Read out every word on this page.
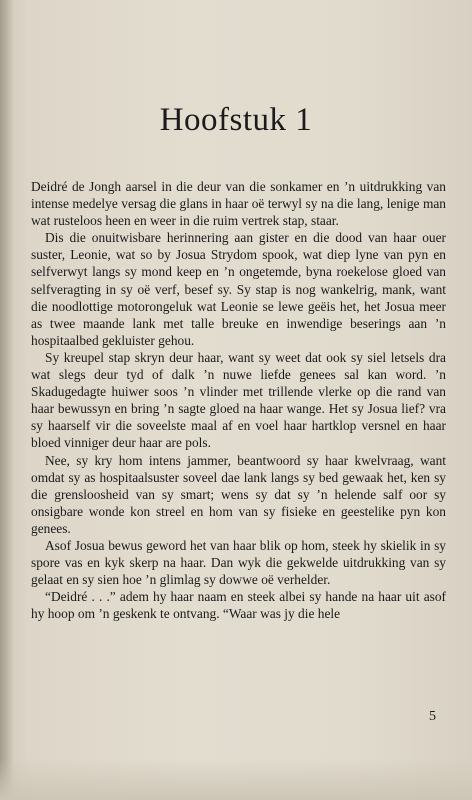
Hoofstuk 1

Deidré de Jongh aarsel in die deur van die sonkamer en ’n uitdrukking van intense medelye versag die glans in haar oë terwyl sy na die lang, lenige man wat rusteloos heen en weer in die ruim vertrek stap, staar.

Dis die onuitwisbare herinnering aan gister en die dood van haar ouer suster, Leonie, wat so by Josua Strydom spook, wat diep lyne van pyn en selfverwyt langs sy mond keep en ’n ongetemde, byna roekelose gloed van selfveragting in sy oë verf, besef sy. Sy stap is nog wankelrig, mank, want die noodlottige motorongeluk wat Leonie se lewe geëis het, het Josua meer as twee maande lank met talle breuke en inwendige beserings aan ’n hospitaalbed gekluister gehou.

Sy kreupel stap skryn deur haar, want sy weet dat ook sy siel letsels dra wat slegs deur tyd of dalk ’n nuwe liefde genees sal kan word. ’n Skadugedagte huiwer soos ’n vlinder met trillende vlerke op die rand van haar bewussyn en bring ’n sagte gloed na haar wange. Het sy Josua lief? vra sy haarself vir die soveelste maal af en voel haar hartklop versnel en haar bloed vinniger deur haar are pols.

Nee, sy kry hom intens jammer, beantwoord sy haar kwelvraag, want omdat sy as hospitaalsuster soveel dae lank langs sy bed gewaak het, ken sy die grensloosheid van sy smart; wens sy dat sy ’n helende salf oor sy onsigbare wonde kon streel en hom van sy fisieke en geestelike pyn kon genees.

Asof Josua bewus geword het van haar blik op hom, steek hy skielik in sy spore vas en kyk skerp na haar. Dan wyk die gekwelde uitdrukking van sy gelaat en sy sien hoe ’n glimlag sy dowwe oë verhelder.

“Deidré . . .” adem hy haar naam en steek albei sy hande na haar uit asof hy hoop om ’n geskenk te ontvang. “Waar was jy die hele

5
